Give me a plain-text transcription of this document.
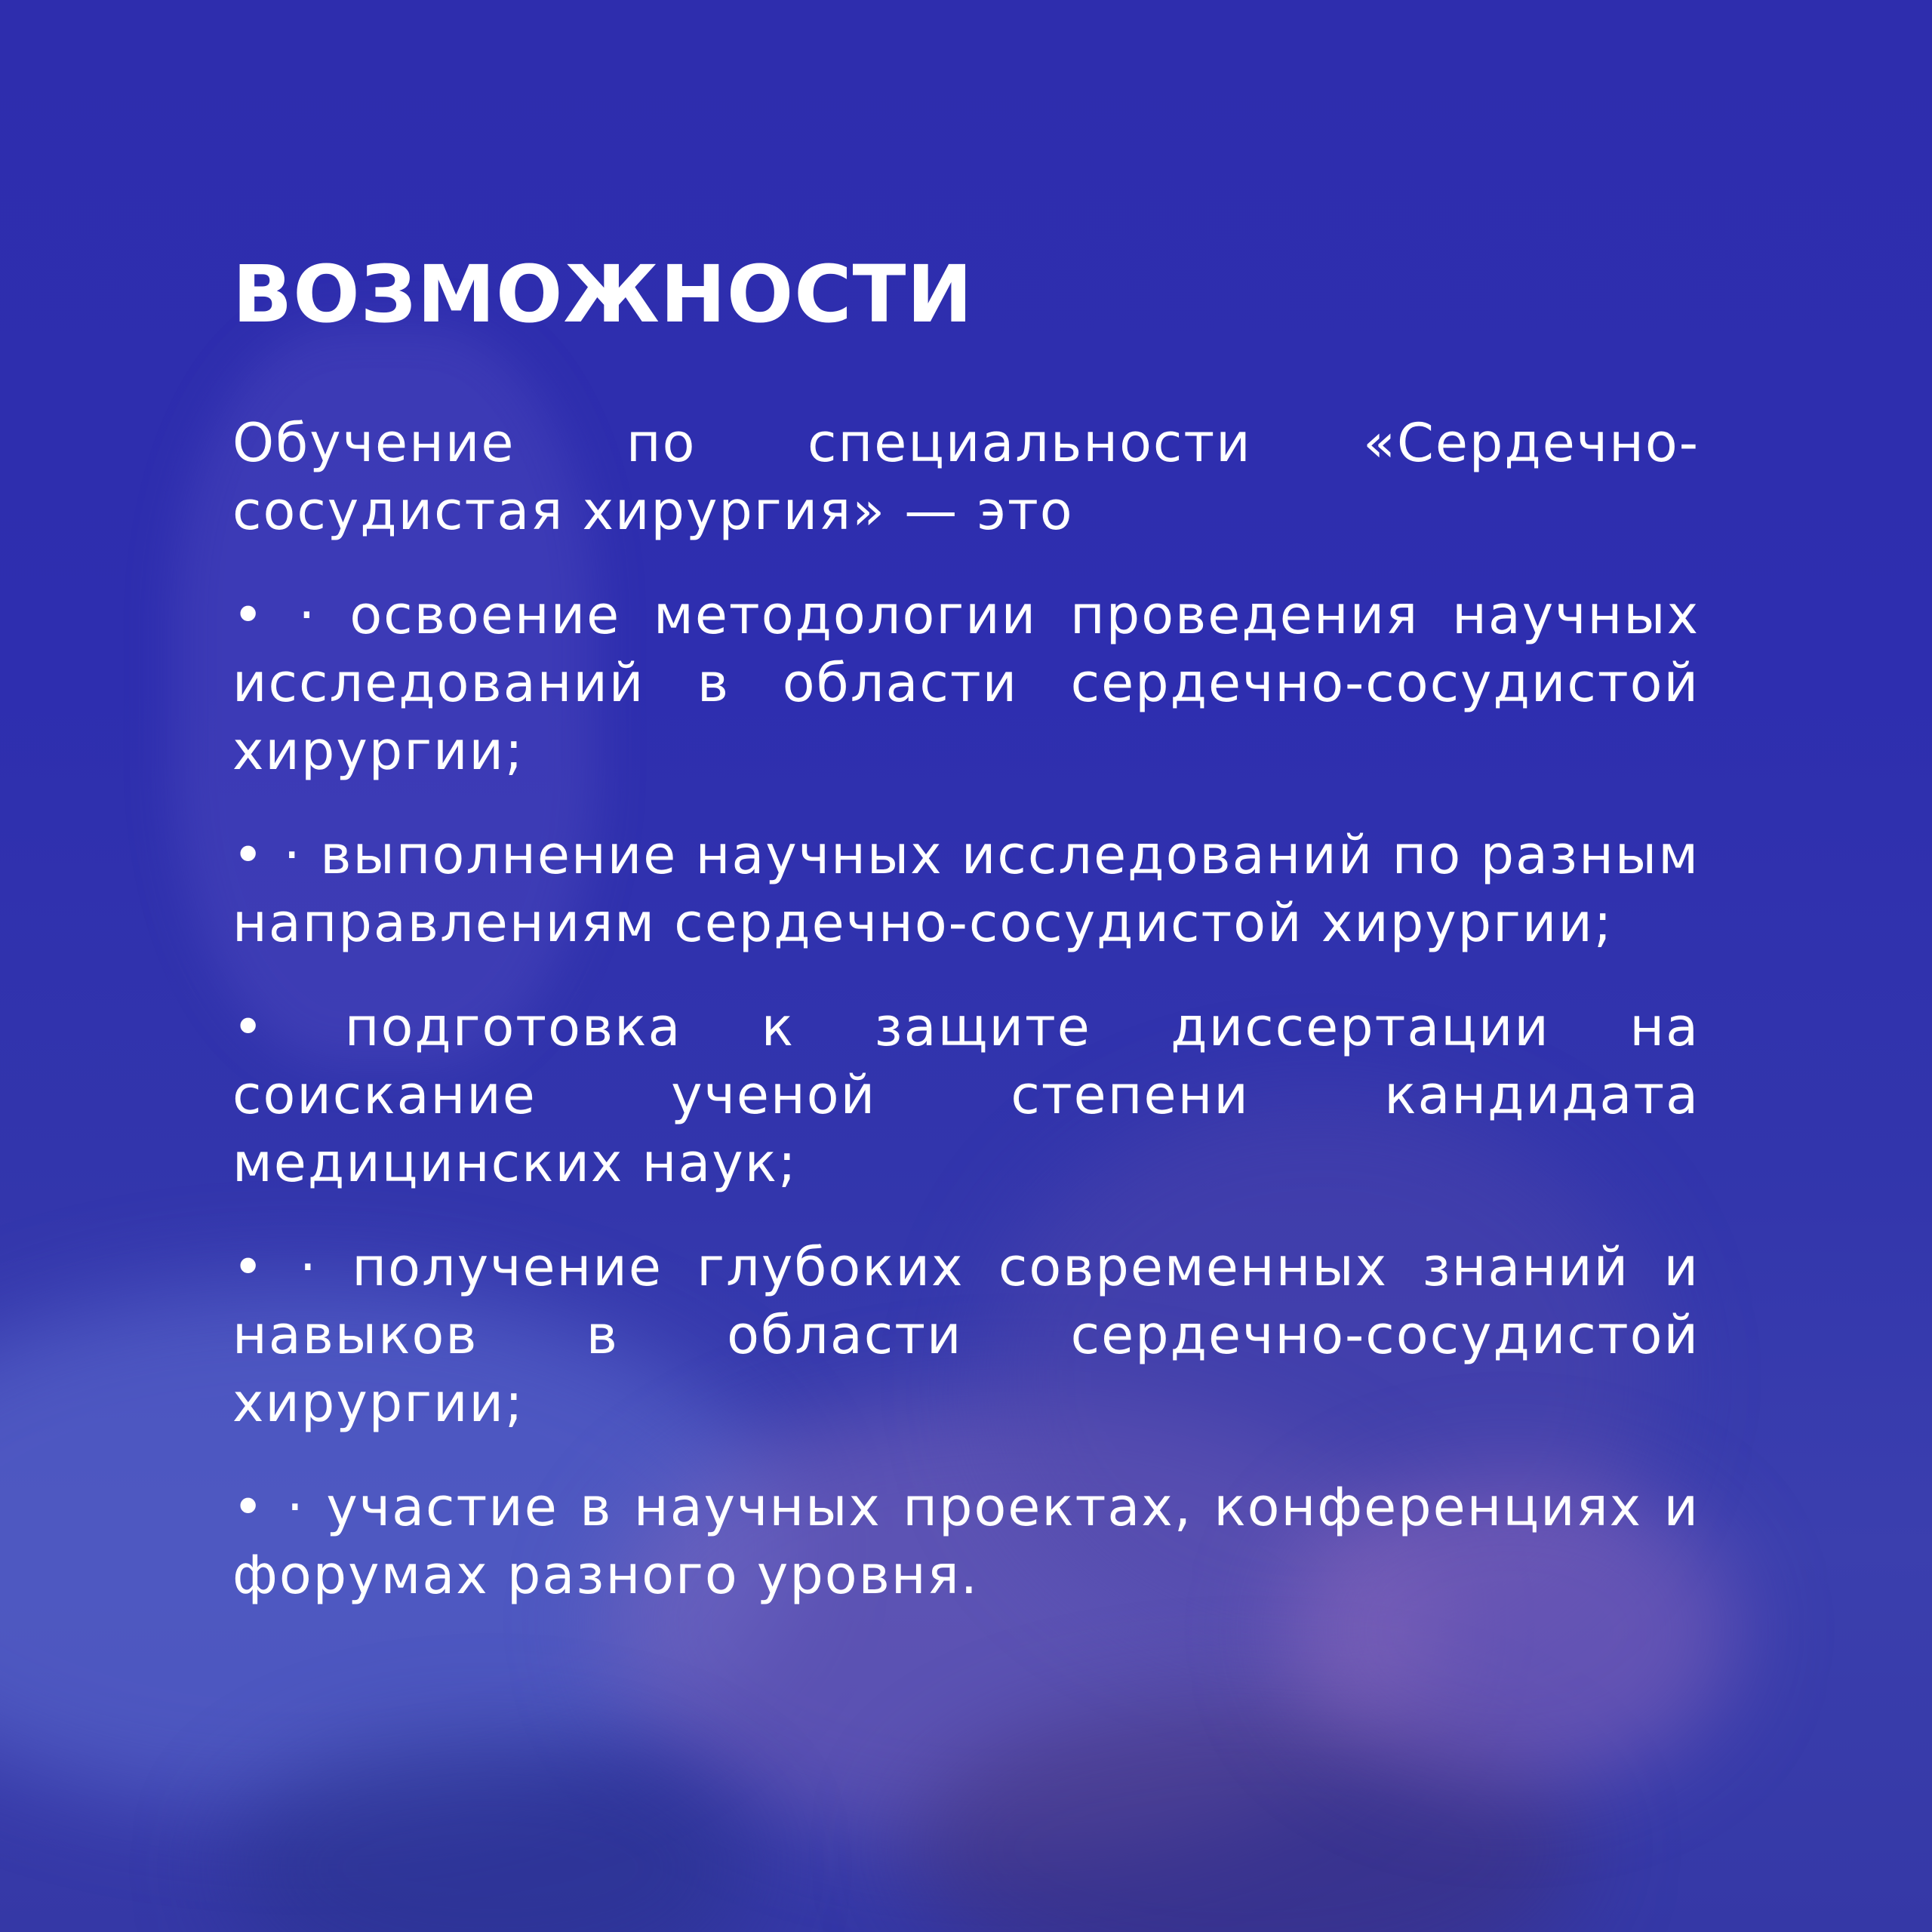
ВОЗМОЖНОСТИ

Обучение по специальности «Сердечно-сосудистая хирургия» — это

• · освоение методологии проведения научных исследований в области сердечно-сосудистой хирургии;
• · выполнение научных исследований по разным направлениям сердечно-сосудистой хирургии;
• подготовка к защите диссертации на соискание ученой степени кандидата медицинских наук;
• · получение глубоких современных знаний и навыков в области сердечно-сосудистой хирургии;
• · участие в научных проектах, конференциях и форумах разного уровня.
